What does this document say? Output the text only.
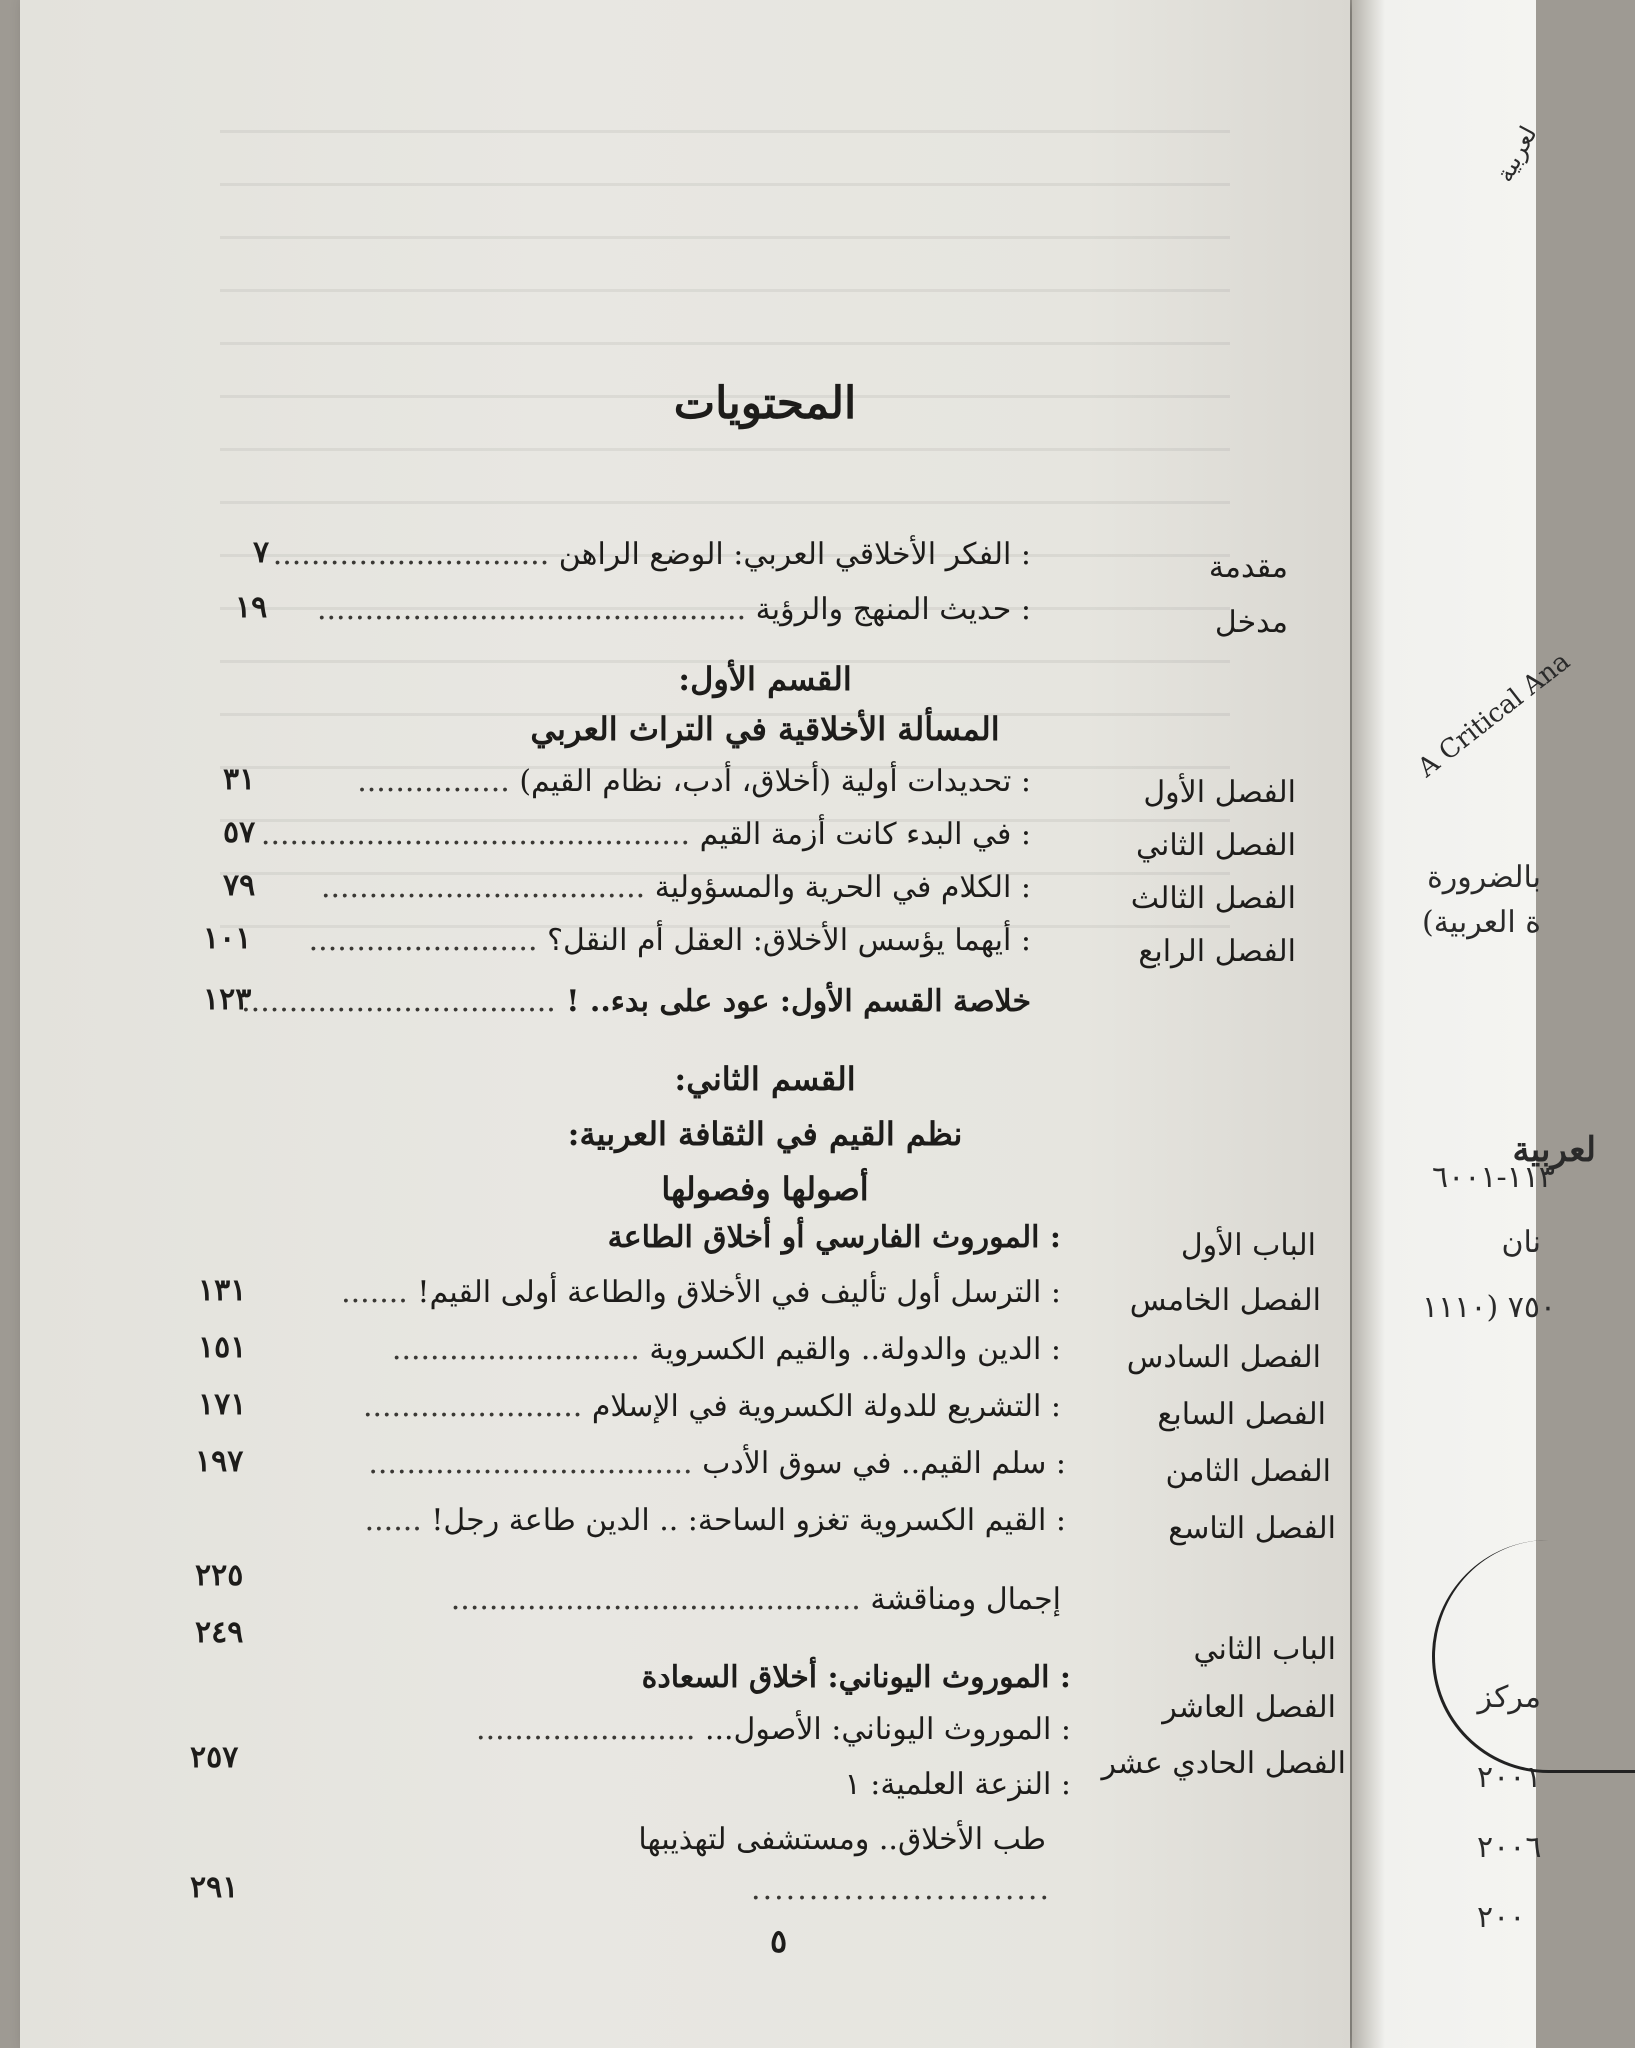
لعربية
لعربية
A Critical Ana
بالضرورة
ة العربية)
١١٣-٦٠٠١
نان
٧٥٠ (١١١٠
مركز
٢٠٠١
٢٠٠٦
٢٠٠
المحتويات
مقدمة
: الفكر الأخلاقي العربي: الوضع الراهن .............................
٧
مدخل
: حديث المنهج والرؤية .............................................
١٩
القسم الأول:
المسألة الأخلاقية في التراث العربي
الفصل الأول
: تحديدات أولية (أخلاق، أدب، نظام القيم) ................
٣١
الفصل الثاني
: في البدء كانت أزمة القيم .............................................
٥٧
الفصل الثالث
: الكلام في الحرية والمسؤولية ..................................
٧٩
الفصل الرابع
: أيهما يؤسس الأخلاق: العقل أم النقل؟ ........................
١٠١
خلاصة القسم الأول: عود على بدء.. ! .................................
١٢٣
القسم الثاني:
نظم القيم في الثقافة العربية:
أصولها وفصولها
الباب الأول
: الموروث الفارسي أو أخلاق الطاعة
الفصل الخامس
: الترسل أول تأليف في الأخلاق والطاعة أولى القيم! .......
١٣١
الفصل السادس
: الدين والدولة.. والقيم الكسروية ..........................
١٥١
الفصل السابع
: التشريع للدولة الكسروية في الإسلام .......................
١٧١
الفصل الثامن
: سلم القيم.. في سوق الأدب ..................................
١٩٧
الفصل التاسع
: القيم الكسروية تغزو الساحة: .. الدين طاعة رجل! ......
٢٢٥
إجمال ومناقشة ...........................................
٢٤٩	الباب الثاني
: الموروث اليوناني: أخلاق السعادة
الفصل العاشر
: الموروث اليوناني: الأصول... .......................
٢٥٧	الفصل الحادي عشر
: النزعة العلمية: ١
طب الأخلاق.. ومستشفى لتهذيبها
..........................
٢٩١
٥
